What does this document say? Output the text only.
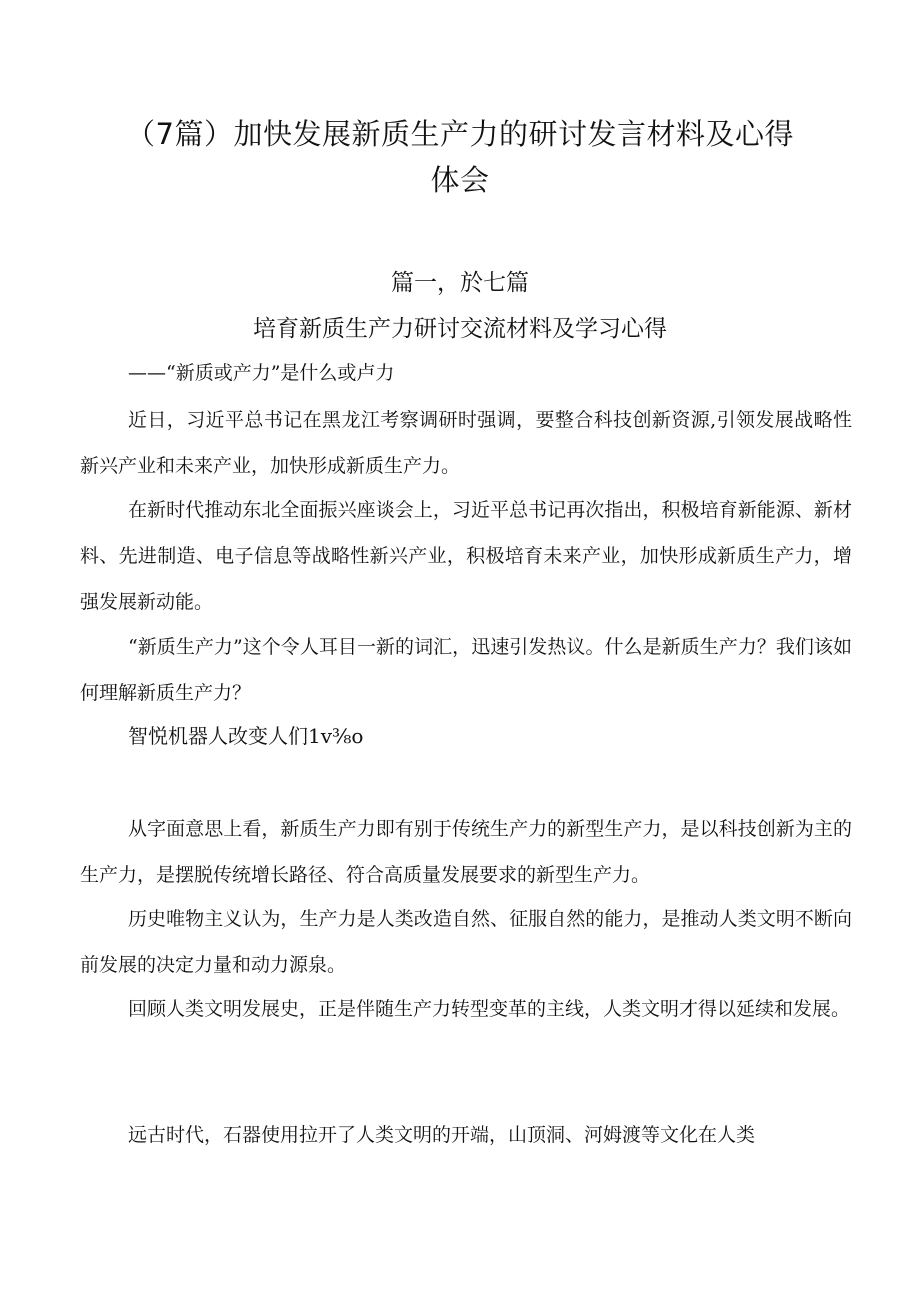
（7篇）加快发展新质生产力的研讨发言材料及心得
体会
篇一，於七篇
培育新质生产力研讨交流材料及学习心得
——“新质或产力”是什么或卢力

近日，习近平总书记在黑龙江考察调研时强调，要整合科技创新资源,引领发展战略性新兴产业和未来产业，加快形成新质生产力。

在新时代推动东北全面振兴座谈会上，习近平总书记再次指出，积极培育新能源、新材料、先进制造、电子信息等战略性新兴产业，积极培育未来产业，加快形成新质生产力，增强发展新动能。

“新质生产力”这个令人耳目一新的词汇，迅速引发热议。什么是新质生产力？我们该如何理解新质生产力？

智悦机器人改变人们1v⅜o

从字面意思上看，新质生产力即有别于传统生产力的新型生产力，是以科技创新为主的生产力，是摆脱传统增长路径、符合高质量发展要求的新型生产力。

历史唯物主义认为，生产力是人类改造自然、征服自然的能力，是推动人类文明不断向前发展的决定力量和动力源泉。

回顾人类文明发展史，正是伴随生产力转型变革的主线，人类文明才得以延续和发展。

远古时代，石器使用拉开了人类文明的开端，山顶洞、河姆渡等文化在人类
